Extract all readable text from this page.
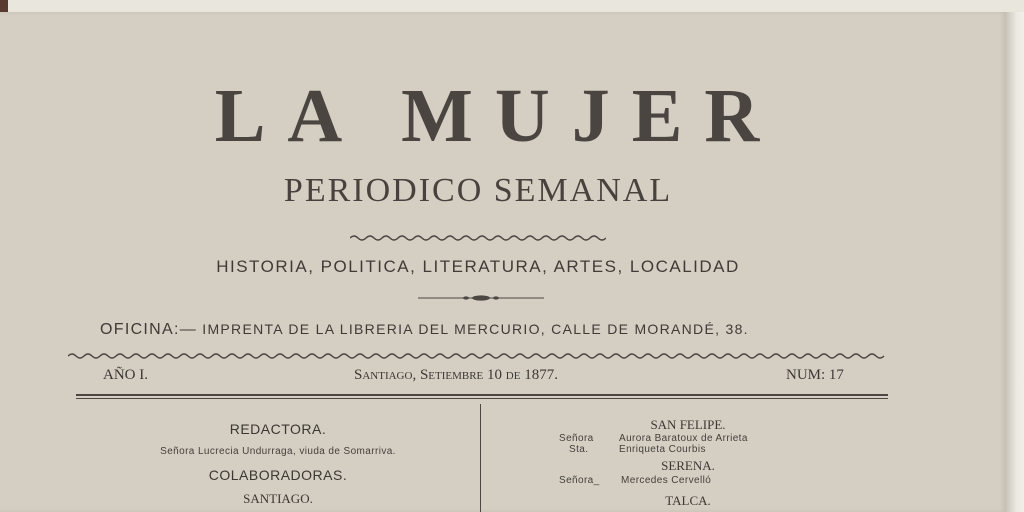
LA MUJER
PERIODICO SEMANAL
HISTORIA, POLITICA, LITERATURA, ARTES, LOCALIDAD
OFICINA:— IMPRENTA DE LA LIBRERIA DEL MERCURIO, CALLE DE MORANDÉ, 38.
AÑO I.	Santiago, Setiembre 10 de 1877.	NUM: 17
REDACTORA.
Señora Lucrecia Undurraga, viuda de Somarriva.
COLABORADORAS.
SANTIAGO.
SAN FELIPE.
Señora	Aurora Baratoux de Arrieta
Sta.	Enriqueta Courbis
SERENA.
Señora_ Mercedes Cervelló
TALCA.
